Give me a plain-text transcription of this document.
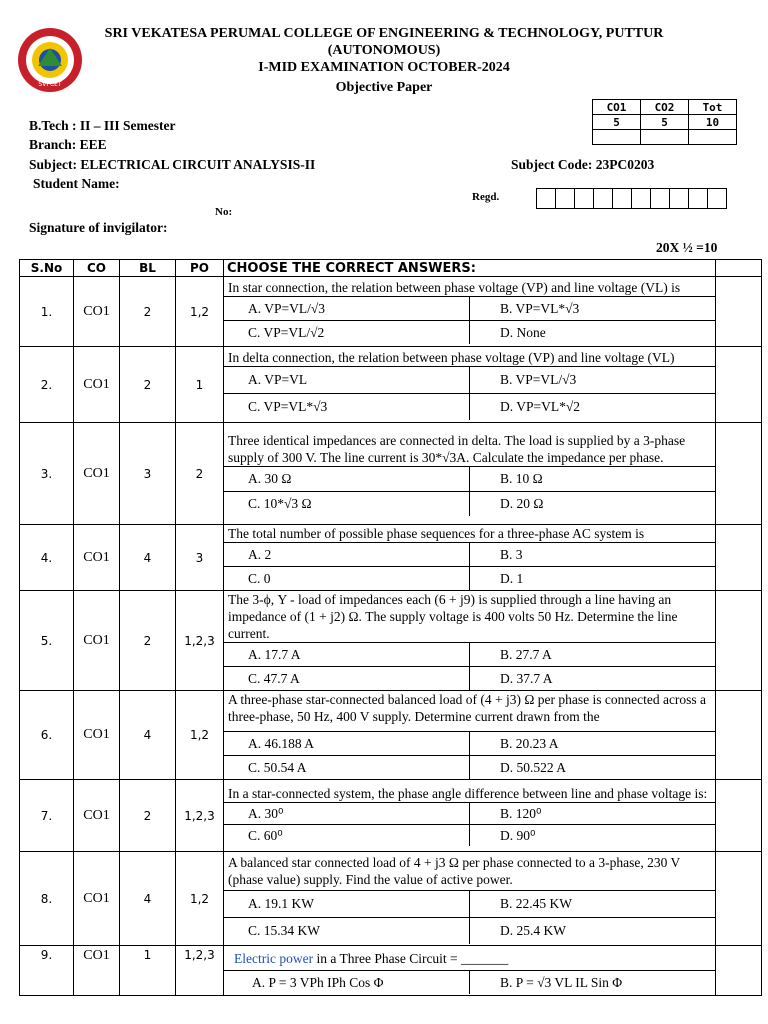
SVPCET
SRI VEKATESA PERUMAL COLLEGE OF ENGINEERING & TECHNOLOGY, PUTTUR
(AUTONOMOUS)
I-MID EXAMINATION OCTOBER-2024
Objective Paper
CO1	CO2	Tot
5	5	10

B.Tech : II – III Semester
Branch: EEE
Subject: ELECTRICAL CIRCUIT ANALYSIS-II	Subject Code: 23PC0203
Student Name:
Regd.
No:
Signature of invigilator:
20X ½ =10
S.No	CO	BL	PO	CHOOSE THE CORRECT ANSWERS:	
1.	CO1	2	1,2	
In star connection, the relation between phase voltage (VP) and line voltage (VL) is
A. VP=VL/√3	B. VP=VL*√3
C. VP=VL/√2	D. None

2.	CO1	2	1	
In delta connection, the relation between phase voltage (VP) and line voltage (VL)
A. VP=VL	B. VP=VL/√3
C. VP=VL*√3	D. VP=VL*√2

3.	CO1	3	2	
Three identical impedances are connected in delta. The load is supplied by a 3-phase supply of 300 V. The line current is 30*√3A. Calculate the impedance per phase.
A. 30 Ω	B. 10 Ω
C. 10*√3 Ω	D. 20 Ω

4.	CO1	4	3	
The total number of possible phase sequences for a three-phase AC system is
A. 2	B. 3
C. 0	D. 1

5.	CO1	2	1,2,3	
The 3-ϕ, Y - load of impedances each (6 + j9) is supplied through a line having an impedance of (1 + j2) Ω. The supply voltage is 400 volts 50 Hz. Determine the line current.
A. 17.7 A	B. 27.7 A
C. 47.7 A	D. 37.7 A

6.	CO1	4	1,2	
A three-phase star-connected balanced load of (4 + j3) Ω per phase is connected across a three-phase, 50 Hz, 400 V supply. Determine current drawn from the
A. 46.188 A	B. 20.23 A
C. 50.54 A	D. 50.522 A

7.	CO1	2	1,2,3	
In a star-connected system, the phase angle difference between line and phase voltage is:
A. 30⁰	B. 120⁰
C. 60⁰	D. 90⁰

8.	CO1	4	1,2	
A balanced star connected load of 4 + j3 Ω per phase connected to a 3-phase, 230 V (phase value) supply. Find the value of active power.
A. 19.1 KW	B. 22.45 KW
C. 15.34 KW	D. 25.4 KW

9.	CO1	1	1,2,3	Electric power in a Three Phase Circuit = _______
A. P = 3 VPh IPh Cos Φ	B. P = √3 VL IL Sin Φ
